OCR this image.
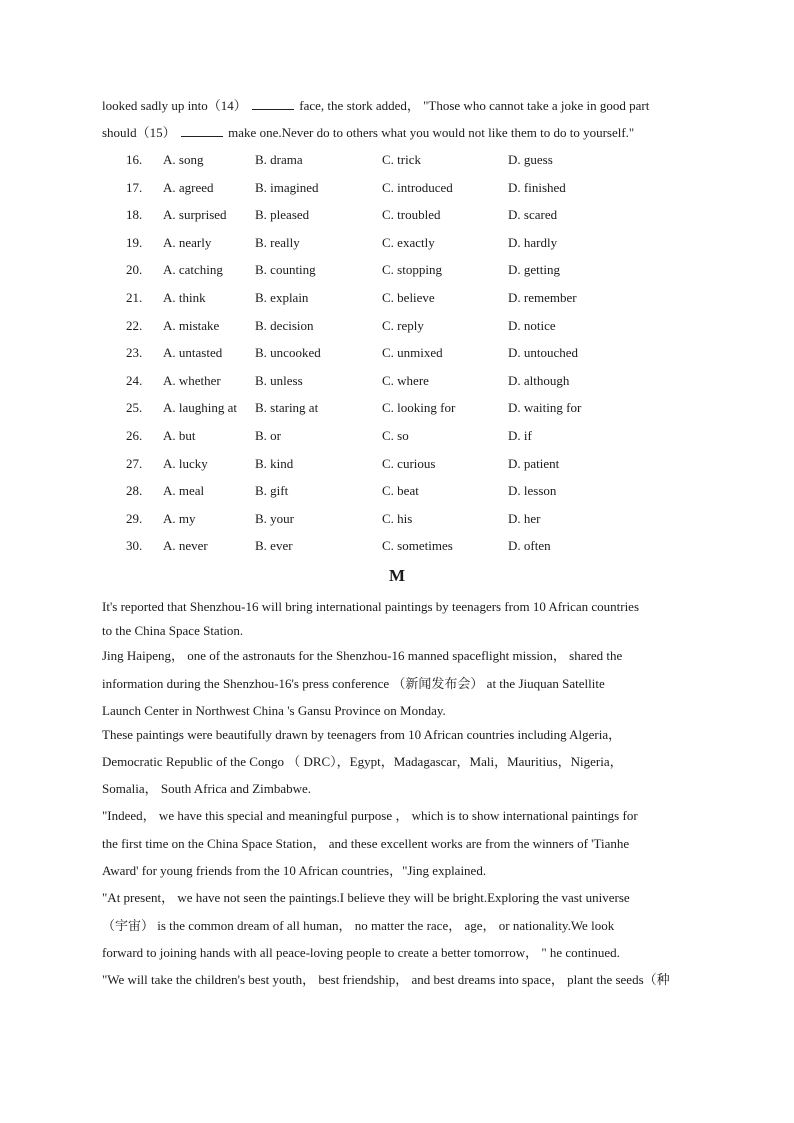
looked sadly up into（14）	face, the stork added， "Those who cannot take a joke in good part
should（15）	make one.Never do to others what you would not like them to do to yourself."
16. A. song	B. drama	C. trick	D. guess
17. A. agreed	B. imagined	C. introduced	D. finished
18. A. surprised B. pleased	C. troubled	D. scared
19. A. nearly	B. really	C. exactly	D. hardly
20. A. catching B. counting	C. stopping	D. getting
21. A. think	B. explain	C. believe	D. remember
22. A. mistake	B. decision	C. reply	D. notice
23. A. untasted	B. uncooked	C. unmixed	D. untouched
24. A. whether	B. unless	C. where	D. although
25. A. laughing at B. staring at	C. looking for	D. waiting for
26. A. but	B. or	C. so	D. if
27. A. lucky	B. kind	C. curious	D. patient
28. A. meal	B. gift	C. beat	D. lesson
29. A. my	B. your	C. his	D. her
30. A. never	B. ever	C. sometimes	D. often
M
It's reported that Shenzhou-16 will bring international paintings by teenagers from 10 African countries
to the China Space Station.
Jing Haipeng， one of the astronauts for the Shenzhou-16 manned spaceflight mission， shared the
information during the Shenzhou-16's press conference （新闻发布会） at the Jiuquan Satellite
Launch Center in Northwest China 's Gansu Province on Monday.
These paintings were beautifully drawn by teenagers from 10 African countries including Algeria，
Democratic Republic of the Congo （ DRC），Egypt，Madagascar，Mali，Mauritius，Nigeria，
Somalia， South Africa and Zimbabwe.
"Indeed， we have this special and meaningful purpose ， which is to show international paintings for
the first time on the China Space Station， and these excellent works are from the winners of 'Tianhe
Award' for young friends from the 10 African countries，"Jing explained.
"At present， we have not seen the paintings.I believe they will be bright.Exploring the vast universe
（宇宙） is the common dream of all human， no matter the race， age， or nationality.We look
forward to joining hands with all peace-loving people to create a better tomorrow， " he continued.
"We will take the children's best youth， best friendship， and best dreams into space， plant the seeds（种
